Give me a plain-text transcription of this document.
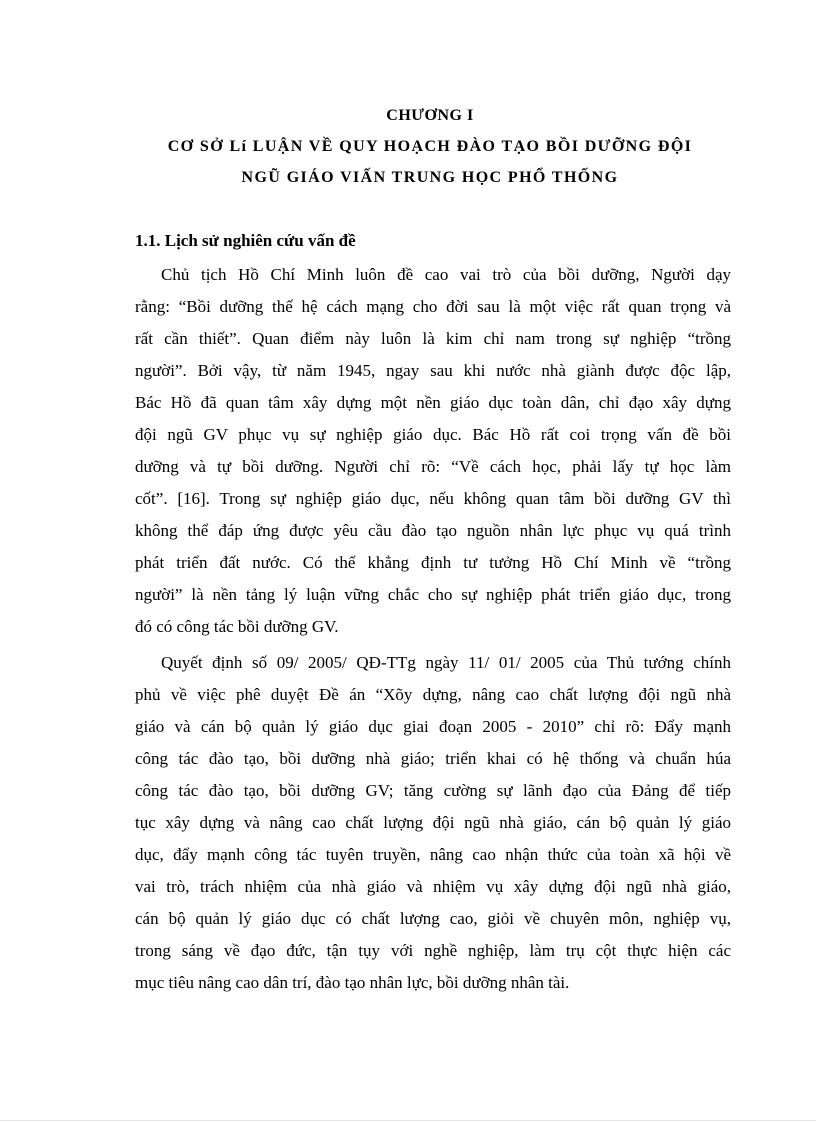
CHƯƠNG I
CƠ SỞ Lí LUẬN VỀ QUY HOẠCH ĐÀO TẠO BỒI DƯỠNG ĐỘI
NGŨ GIÁO VIẤN TRUNG HỌC PHỔ THỐNG
1.1. Lịch sử nghiên cứu vấn đề
Chủ tịch Hồ Chí Minh luôn đề cao vai trò của bồi dưỡng, Người dạy
rằng: “Bồi dưỡng thế hệ cách mạng cho đời sau là một việc rất quan trọng và
rất cần thiết”. Quan điểm này luôn là kim chỉ nam trong sự nghiệp “trồng
người”. Bởi vậy, từ năm 1945, ngay sau khi nước nhà giành được độc lập,
Bác Hồ đã quan tâm xây dựng một nền giáo dục toàn dân, chỉ đạo xây dựng
đội ngũ GV phục vụ sự nghiệp giáo dục. Bác Hồ rất coi trọng vấn đề bồi
dưỡng và tự bồi dưỡng. Người chỉ rõ: “Về cách học, phải lấy tự học làm
cốt”. [16]. Trong sự nghiệp giáo dục, nếu không quan tâm bồi dưỡng GV thì
không thể đáp ứng được yêu cầu đào tạo nguồn nhân lực phục vụ quá trình
phát triển đất nước. Có thể khẳng định tư tưởng Hồ Chí Minh về “trồng
người” là nền tảng lý luận vững chắc cho sự nghiệp phát triển giáo dục, trong
đó có công tác bồi dưỡng GV.
Quyết định số 09/ 2005/ QĐ-TTg ngày 11/ 01/ 2005 của Thủ tướng chính
phủ về việc phê duyệt Đề án “Xõy dựng, nâng cao chất lượng đội ngũ nhà
giáo và cán bộ quản lý giáo dục giai đoạn 2005 - 2010” chỉ rõ: Đẩy mạnh
công tác đào tạo, bồi dưỡng nhà giáo; triển khai có hệ thống và chuẩn húa
công tác đào tạo, bồi dưỡng GV; tăng cường sự lãnh đạo của Đảng để tiếp
tục xây dựng và nâng cao chất lượng đội ngũ nhà giáo, cán bộ quản lý giáo
dục, đẩy mạnh công tác tuyên truyền, nâng cao nhận thức của toàn xã hội về
vai trò, trách nhiệm của nhà giáo và nhiệm vụ xây dựng đội ngũ nhà giáo,
cán bộ quản lý giáo dục có chất lượng cao, giỏi về chuyên môn, nghiệp vụ,
trong sáng về đạo đức, tận tụy với nghề nghiệp, làm trụ cột thực hiện các
mục tiêu nâng cao dân trí, đào tạo nhân lực, bồi dưỡng nhân tài.
